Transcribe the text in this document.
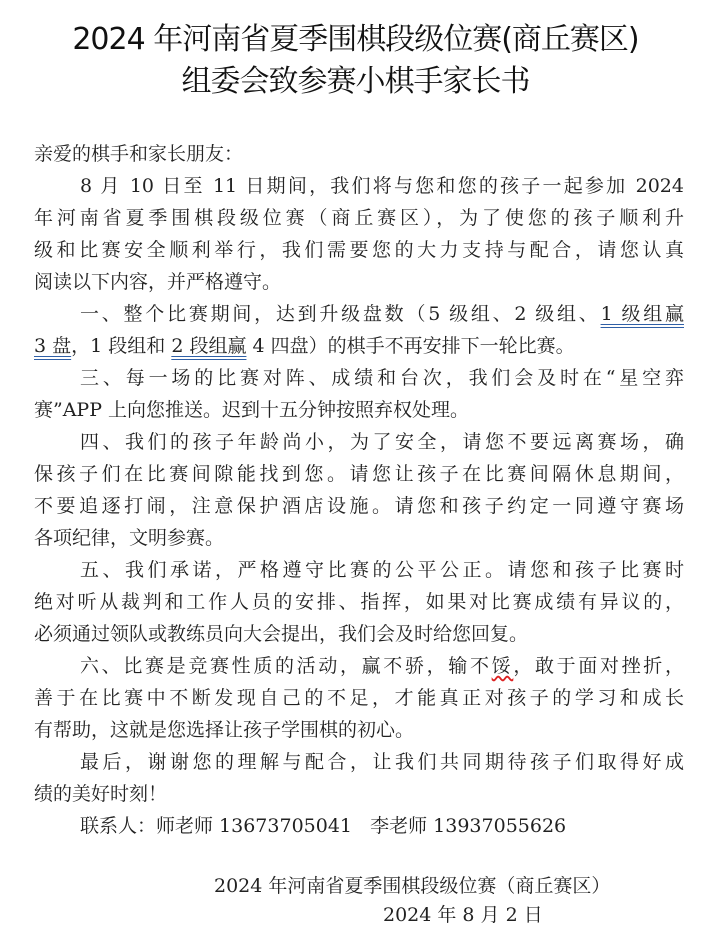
2024 年河南省夏季围棋段级位赛(商丘赛区)
组委会致参赛小棋手家长书
亲爱的棋手和家长朋友：
8 月 10 日至 11 日期间，我们将与您和您的孩子一起参加 2024
年河南省夏季围棋段级位赛（商丘赛区），为了使您的孩子顺利升
级和比赛安全顺利举行，我们需要您的大力支持与配合，请您认真
阅读以下内容，并严格遵守。
一、整个比赛期间，达到升级盘数（5 级组、2 级组、1 级组赢
3 盘，1 段组和 2 段组赢 4 四盘）的棋手不再安排下一轮比赛。
三、每一场的比赛对阵、成绩和台次，我们会及时在“星空弈
赛”APP 上向您推送。迟到十五分钟按照弃权处理。
四、我们的孩子年龄尚小，为了安全，请您不要远离赛场，确
保孩子们在比赛间隙能找到您。请您让孩子在比赛间隔休息期间，
不要追逐打闹，注意保护酒店设施。请您和孩子约定一同遵守赛场
各项纪律，文明参赛。
五、我们承诺，严格遵守比赛的公平公正。请您和孩子比赛时
绝对听从裁判和工作人员的安排、指挥，如果对比赛成绩有异议的，
必须通过领队或教练员向大会提出，我们会及时给您回复。
六、比赛是竞赛性质的活动，赢不骄，输不馁，敢于面对挫折，
善于在比赛中不断发现自己的不足，才能真正对孩子的学习和成长
有帮助，这就是您选择让孩子学围棋的初心。
最后，谢谢您的理解与配合，让我们共同期待孩子们取得好成
绩的美好时刻！
联系人：师老师 13673705041   李老师 13937055626
2024 年河南省夏季围棋段级位赛（商丘赛区）
2024 年 8 月 2 日
